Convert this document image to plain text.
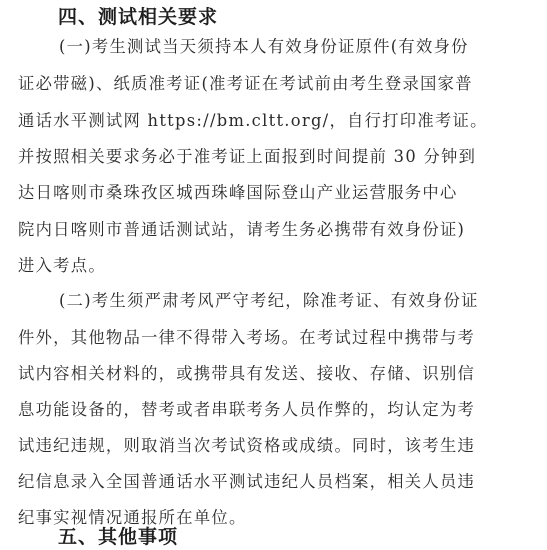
四、测试相关要求
(一)考生测试当天须持本人有效身份证原件(有效身份
证必带磁)、纸质准考证(准考证在考试前由考生登录国家普
通话水平测试网 https://bm.cltt.org/，自行打印准考证。
并按照相关要求务必于准考证上面报到时间提前 30 分钟到
达日喀则市桑珠孜区城西珠峰国际登山产业运营服务中心
院内日喀则市普通话测试站，请考生务必携带有效身份证)
进入考点。
(二)考生须严肃考风严守考纪，除准考证、有效身份证
件外，其他物品一律不得带入考场。在考试过程中携带与考
试内容相关材料的，或携带具有发送、接收、存储、识别信
息功能设备的，替考或者串联考务人员作弊的，均认定为考
试违纪违规，则取消当次考试资格或成绩。同时，该考生违
纪信息录入全国普通话水平测试违纪人员档案，相关人员违
纪事实视情况通报所在单位。
五、其他事项
